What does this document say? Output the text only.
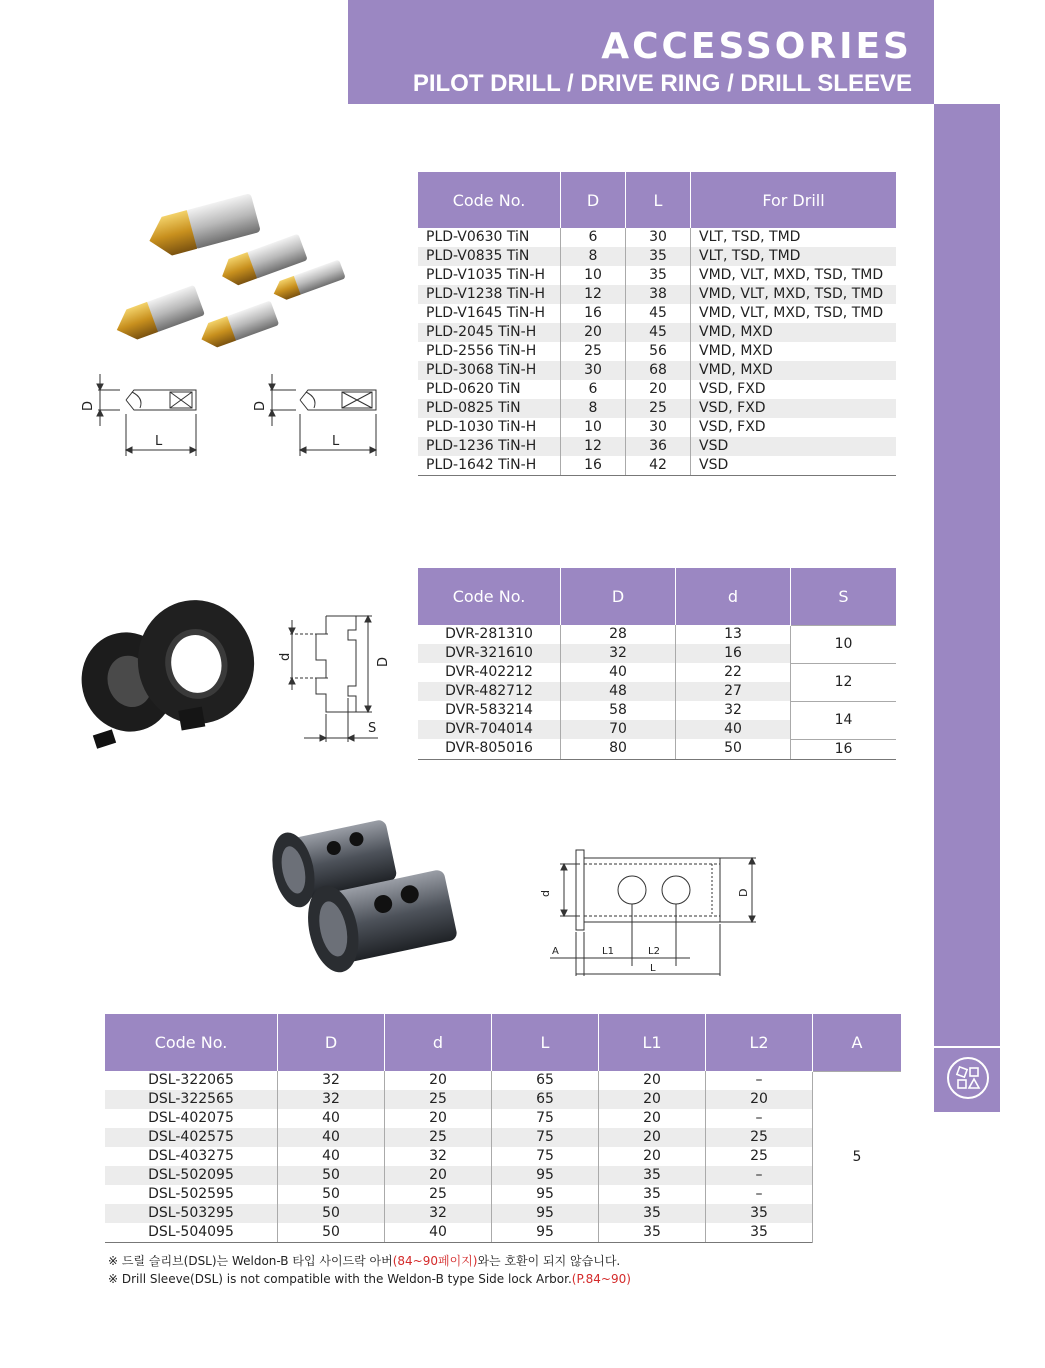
ACCESSORIES
PILOT DRILL / DRIVE RING / DRILL SLEEVE
ACCESSORIES
D
L
D
L
Code No.	D	L	For Drill
PLD-V0630 TiN	6	30	VLT, TSD, TMD
PLD-V0835 TiN	8	35	VLT, TSD, TMD
PLD-V1035 TiN-H	10	35	VMD, VLT, MXD, TSD, TMD
PLD-V1238 TiN-H	12	38	VMD, VLT, MXD, TSD, TMD
PLD-V1645 TiN-H	16	45	VMD, VLT, MXD, TSD, TMD
PLD-2045 TiN-H	20	45	VMD, MXD
PLD-2556 TiN-H	25	56	VMD, MXD
PLD-3068 TiN-H	30	68	VMD, MXD
PLD-0620 TiN	6	20	VSD, FXD
PLD-0825 TiN	8	25	VSD, FXD
PLD-1030 TiN-H	10	30	VSD, FXD
PLD-1236 TiN-H	12	36	VSD
PLD-1642 TiN-H	16	42	VSD
d
D
S
Code No.	D	d	S
DVR-281310	28	13	10
DVR-321610	32	16	
DVR-402212	40	22	12
DVR-482712	48	27	
DVR-583214	58	32	14
DVR-704014	70	40	
DVR-805016	80	50	16
d	D
A	L1	L2
L
Code No.	D	d	L	L1	L2	A
DSL-322065	32	20	65	20	–	5
DSL-322565	32	25	65	20	20	
DSL-402075	40	20	75	20	–	
DSL-402575	40	25	75	20	25	
DSL-403275	40	32	75	20	25	
DSL-502095	50	20	95	35	–	
DSL-502595	50	25	95	35	–	
DSL-503295	50	32	95	35	35	
DSL-504095	50	40	95	35	35	
※ 드릴 슬리브(DSL)는 Weldon-B 타입 사이드락 아버(84~90페이지)와는 호환이 되지 않습니다.
※ Drill Sleeve(DSL) is not compatible with the Weldon-B type Side lock Arbor.(P.84~90)
